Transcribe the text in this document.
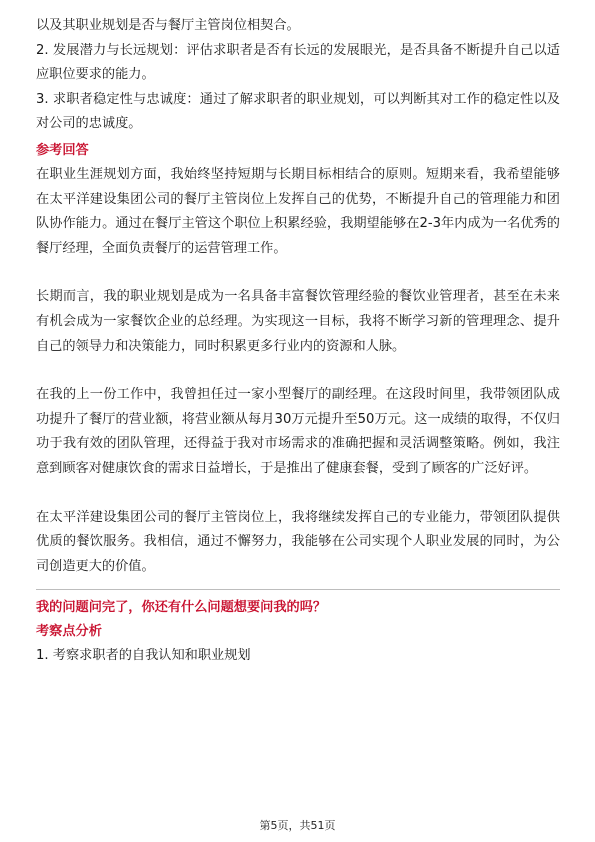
以及其职业规划是否与餐厅主管岗位相契合。

2. 发展潜力与长远规划：评估求职者是否有长远的发展眼光，是否具备不断提升自己以适应职位要求的能力。

3. 求职者稳定性与忠诚度：通过了解求职者的职业规划，可以判断其对工作的稳定性以及对公司的忠诚度。

参考回答

在职业生涯规划方面，我始终坚持短期与长期目标相结合的原则。短期来看，我希望能够在太平洋建设集团公司的餐厅主管岗位上发挥自己的优势，不断提升自己的管理能力和团队协作能力。通过在餐厅主管这个职位上积累经验，我期望能够在2-3年内成为一名优秀的餐厅经理，全面负责餐厅的运营管理工作。

长期而言，我的职业规划是成为一名具备丰富餐饮管理经验的餐饮业管理者，甚至在未来有机会成为一家餐饮企业的总经理。为实现这一目标，我将不断学习新的管理理念、提升自己的领导力和决策能力，同时积累更多行业内的资源和人脉。

在我的上一份工作中，我曾担任过一家小型餐厅的副经理。在这段时间里，我带领团队成功提升了餐厅的营业额，将营业额从每月30万元提升至50万元。这一成绩的取得，不仅归功于我有效的团队管理，还得益于我对市场需求的准确把握和灵活调整策略。例如，我注意到顾客对健康饮食的需求日益增长，于是推出了健康套餐，受到了顾客的广泛好评。

在太平洋建设集团公司的餐厅主管岗位上，我将继续发挥自己的专业能力，带领团队提供优质的餐饮服务。我相信，通过不懈努力，我能够在公司实现个人职业发展的同时，为公司创造更大的价值。

我的问题问完了，你还有什么问题想要问我的吗？

考察点分析

1. 考察求职者的自我认知和职业规划

第5页，共51页
